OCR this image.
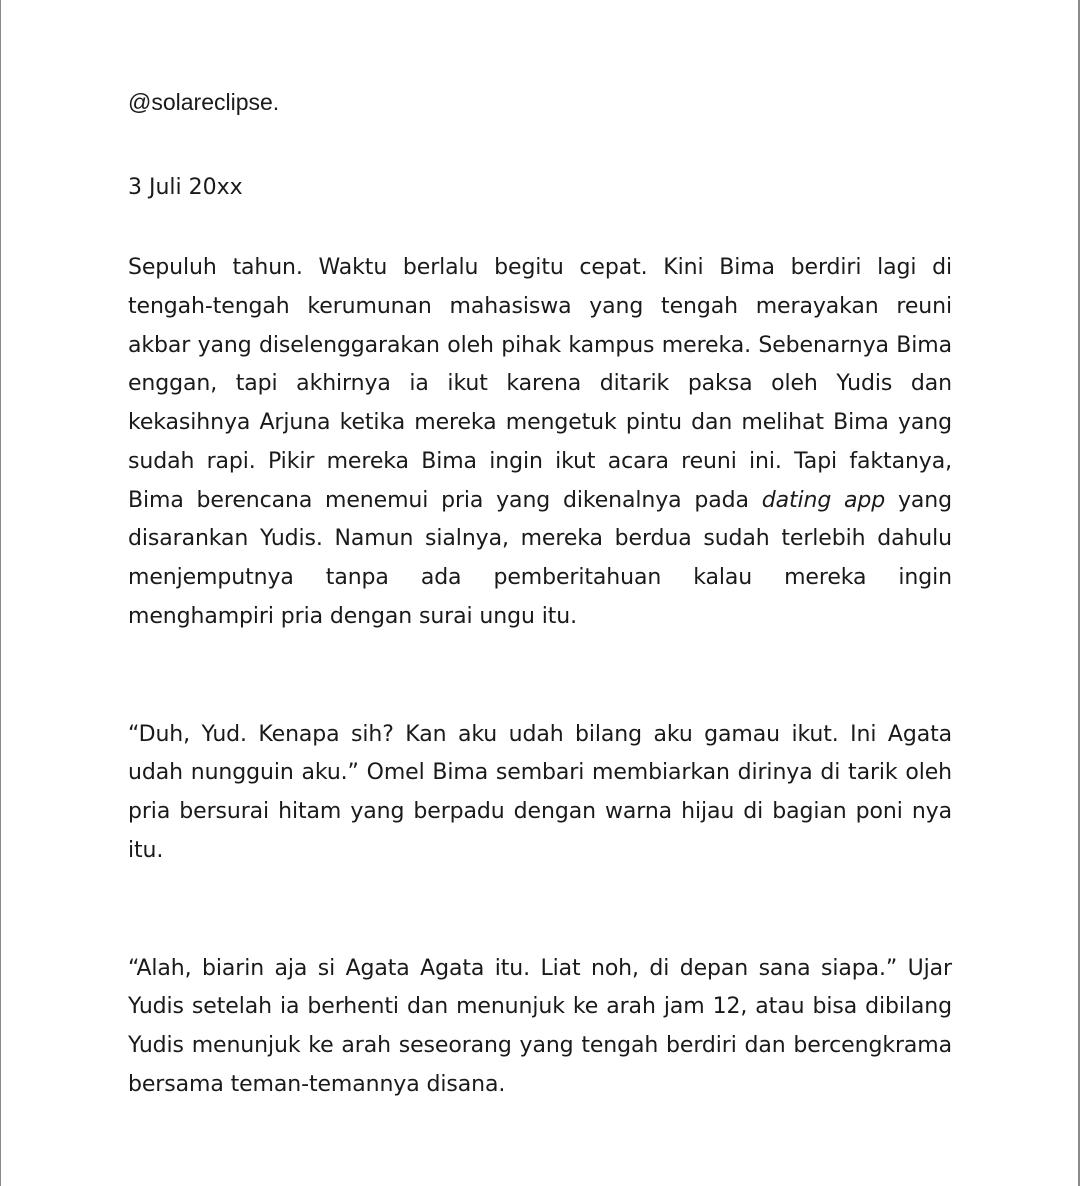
@solareclipse.

3 Juli 20xx

Sepuluh tahun. Waktu berlalu begitu cepat. Kini Bima berdiri lagi di tengah-tengah kerumunan mahasiswa yang tengah merayakan reuni akbar yang diselenggarakan oleh pihak kampus mereka. Sebenarnya Bima enggan, tapi akhirnya ia ikut karena ditarik paksa oleh Yudis dan kekasihnya Arjuna ketika mereka mengetuk pintu dan melihat Bima yang sudah rapi. Pikir mereka Bima ingin ikut acara reuni ini. Tapi faktanya, Bima berencana menemui pria yang dikenalnya pada dating app yang disarankan Yudis. Namun sialnya, mereka berdua sudah terlebih dahulu menjemputnya tanpa ada pemberitahuan kalau mereka ingin menghampiri pria dengan surai ungu itu.

“Duh, Yud. Kenapa sih? Kan aku udah bilang aku gamau ikut. Ini Agata udah nungguin aku.” Omel Bima sembari membiarkan dirinya di tarik oleh pria bersurai hitam yang berpadu dengan warna hijau di bagian poni nya itu.

“Alah, biarin aja si Agata Agata itu. Liat noh, di depan sana siapa.” Ujar Yudis setelah ia berhenti dan menunjuk ke arah jam 12, atau bisa dibilang Yudis menunjuk ke arah seseorang yang tengah berdiri dan bercengkrama bersama teman-temannya disana.
